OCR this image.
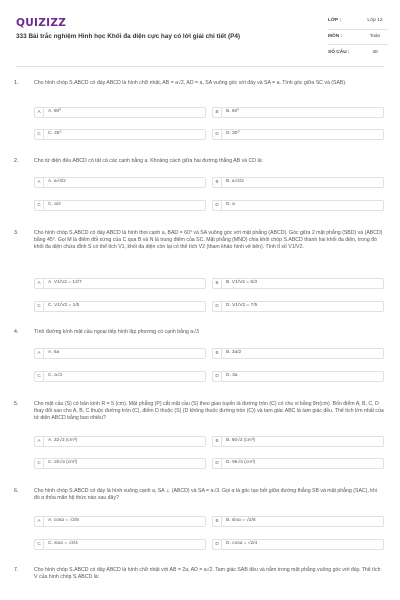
QUIZIZZ
333 Bài trắc nghiệm Hình học Khối đa diện cực hay có lời giải chi tiết (P4)
LỚP :	Lớp 12
MÔN :	Toán
SỐ CÂU :	30
1.	Cho hình chóp S.ABCD có đáy ABCD là hình chữ nhật, AB = a√2, AD = a, SA vuông góc với đáy và SA = a. Tính góc giữa SC và (SAB).
A	A. 90⁰	B	B. 60⁰
C	C. 45⁰	D	D. 30⁰
2.	Cho tứ diện đều ABCD có tất cả các cạnh bằng a. Khoảng cách giữa hai đường thẳng AB và CD là:
A	A. a√3/2	B	B. a√2/2
C	C. a/2	D	D. a
3.	Cho hình chóp S.ABCD có đáy ABCD là hình thoi cạnh a, BAD = 60° và SA vuông góc với mặt phẳng (ABCD). Góc giữa 2 mặt phẳng (SBD) và (ABCD) bằng 45⁰. Gọi M là điểm đối xứng của C qua B và N là trung điểm của SC. Mặt phẳng (MND) chia khối chóp S.ABCD thành hai khối đa diện, trong đó khối đa diện chứa đỉnh S có thể tích V1, khối đa diện còn lại có thể tích V2 (tham khảo hình vẽ bên). Tính tỉ số V1/V2.
A	A. V1/V2 = 12/7	B	B. V1/V2 = 5/3
C	C. V1/V2 = 1/5	D	D. V1/V2 = 7/5
4.	Tính đường kính mặt cầu ngoại tiếp hình lập phương có cạnh bằng a√3
A	A. 6a	B	B. 3a/2
C	C. a√3	D	D. 3a
5.	Cho mặt cầu (S) có bán kính R = 5 (cm). Mặt phẳng (P) cắt mặt cầu (S) theo giao tuyến là đường tròn (C) có chu vi bằng 8π(cm). Bốn điểm A, B, C, D thay đổi sao cho A, B, C thuộc đường tròn (C), điểm D thuộc (S) (D không thuộc đường tròn (C)) và tam giác ABC là tam giác đều. Thể tích lớn nhất của tứ diện ABCD bằng bao nhiêu?
A	A. 32√3 (cm³)	B	B. 60√3 (cm³)
C	C. 20√3 (cm³)	D	D. 96√3 (cm³)
6.	Cho hình chóp S.ABCD có đáy là hình vuông cạnh a, SA ⊥ (ABCD) và SA = a√3. Gọi α là góc tạo bởi giữa đường thẳng SB và mặt phẳng (SAC), khi đó α thỏa mãn hệ thức nào sau đây?
A	A. cosα = √2/8	B	B. sinα = √2/8
C	C. sinα = √2/4	D	D. cosα = √2/4
7.	Cho hình chóp S.ABCD có đáy ABCD là hình chữ nhật với AB = 2a, AD = a√2. Tam giác SAB đều và nằm trong mặt phẳng vuông góc với đáy. Thể tích V của hình chóp S.ABCD là:
